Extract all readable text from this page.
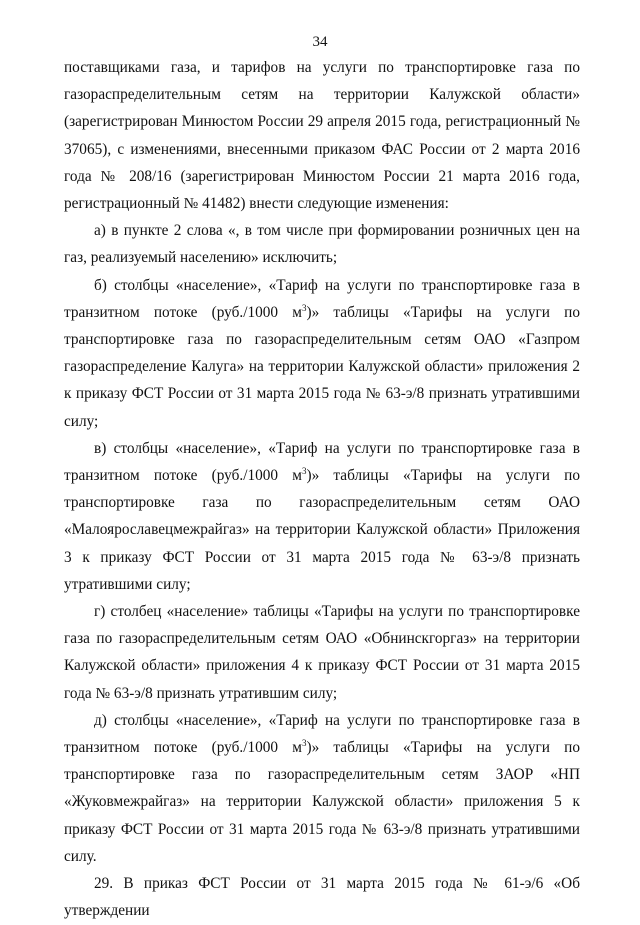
34

поставщиками газа, и тарифов на услуги по транспортировке газа по газораспределительным сетям на территории Калужской области» (зарегистрирован Минюстом России 29 апреля 2015 года, регистрационный № 37065), с изменениями, внесенными приказом ФАС России от 2 марта 2016 года № 208/16 (зарегистрирован Минюстом России 21 марта 2016 года, регистрационный № 41482) внести следующие изменения:

а) в пункте 2 слова «, в том числе при формировании розничных цен на газ, реализуемый населению» исключить;

б) столбцы «население», «Тариф на услуги по транспортировке газа в транзитном потоке (руб./1000 $м^3$)» таблицы «Тарифы на услуги по транспортировке газа по газораспределительным сетям ОАО «Газпром газораспределение Калуга» на территории Калужской области» приложения 2 к приказу ФСТ России от 31 марта 2015 года № 63-э/8 признать утратившими силу;

в) столбцы «население», «Тариф на услуги по транспортировке газа в транзитном потоке (руб./1000 $м^3$)» таблицы «Тарифы на услуги по транспортировке газа по газораспределительным сетям ОАО «Малоярославецмежрайгаз» на территории Калужской области» Приложения 3 к приказу ФСТ России от 31 марта 2015 года № 63-э/8 признать утратившими силу;

г) столбец «население» таблицы «Тарифы на услуги по транспортировке газа по газораспределительным сетям ОАО «Обнинскгоргаз» на территории Калужской области» приложения 4 к приказу ФСТ России от 31 марта 2015 года № 63-э/8 признать утратившим силу;

д) столбцы «население», «Тариф на услуги по транспортировке газа в транзитном потоке (руб./1000 $м^3$)» таблицы «Тарифы на услуги по транспортировке газа по газораспределительным сетям ЗАОР «НП «Жуковмежрайгаз» на территории Калужской области» приложения 5 к приказу ФСТ России от 31 марта 2015 года № 63-э/8 признать утратившими силу.

29. В приказ ФСТ России от 31 марта 2015 года № 61-э/6 «Об утверждении
